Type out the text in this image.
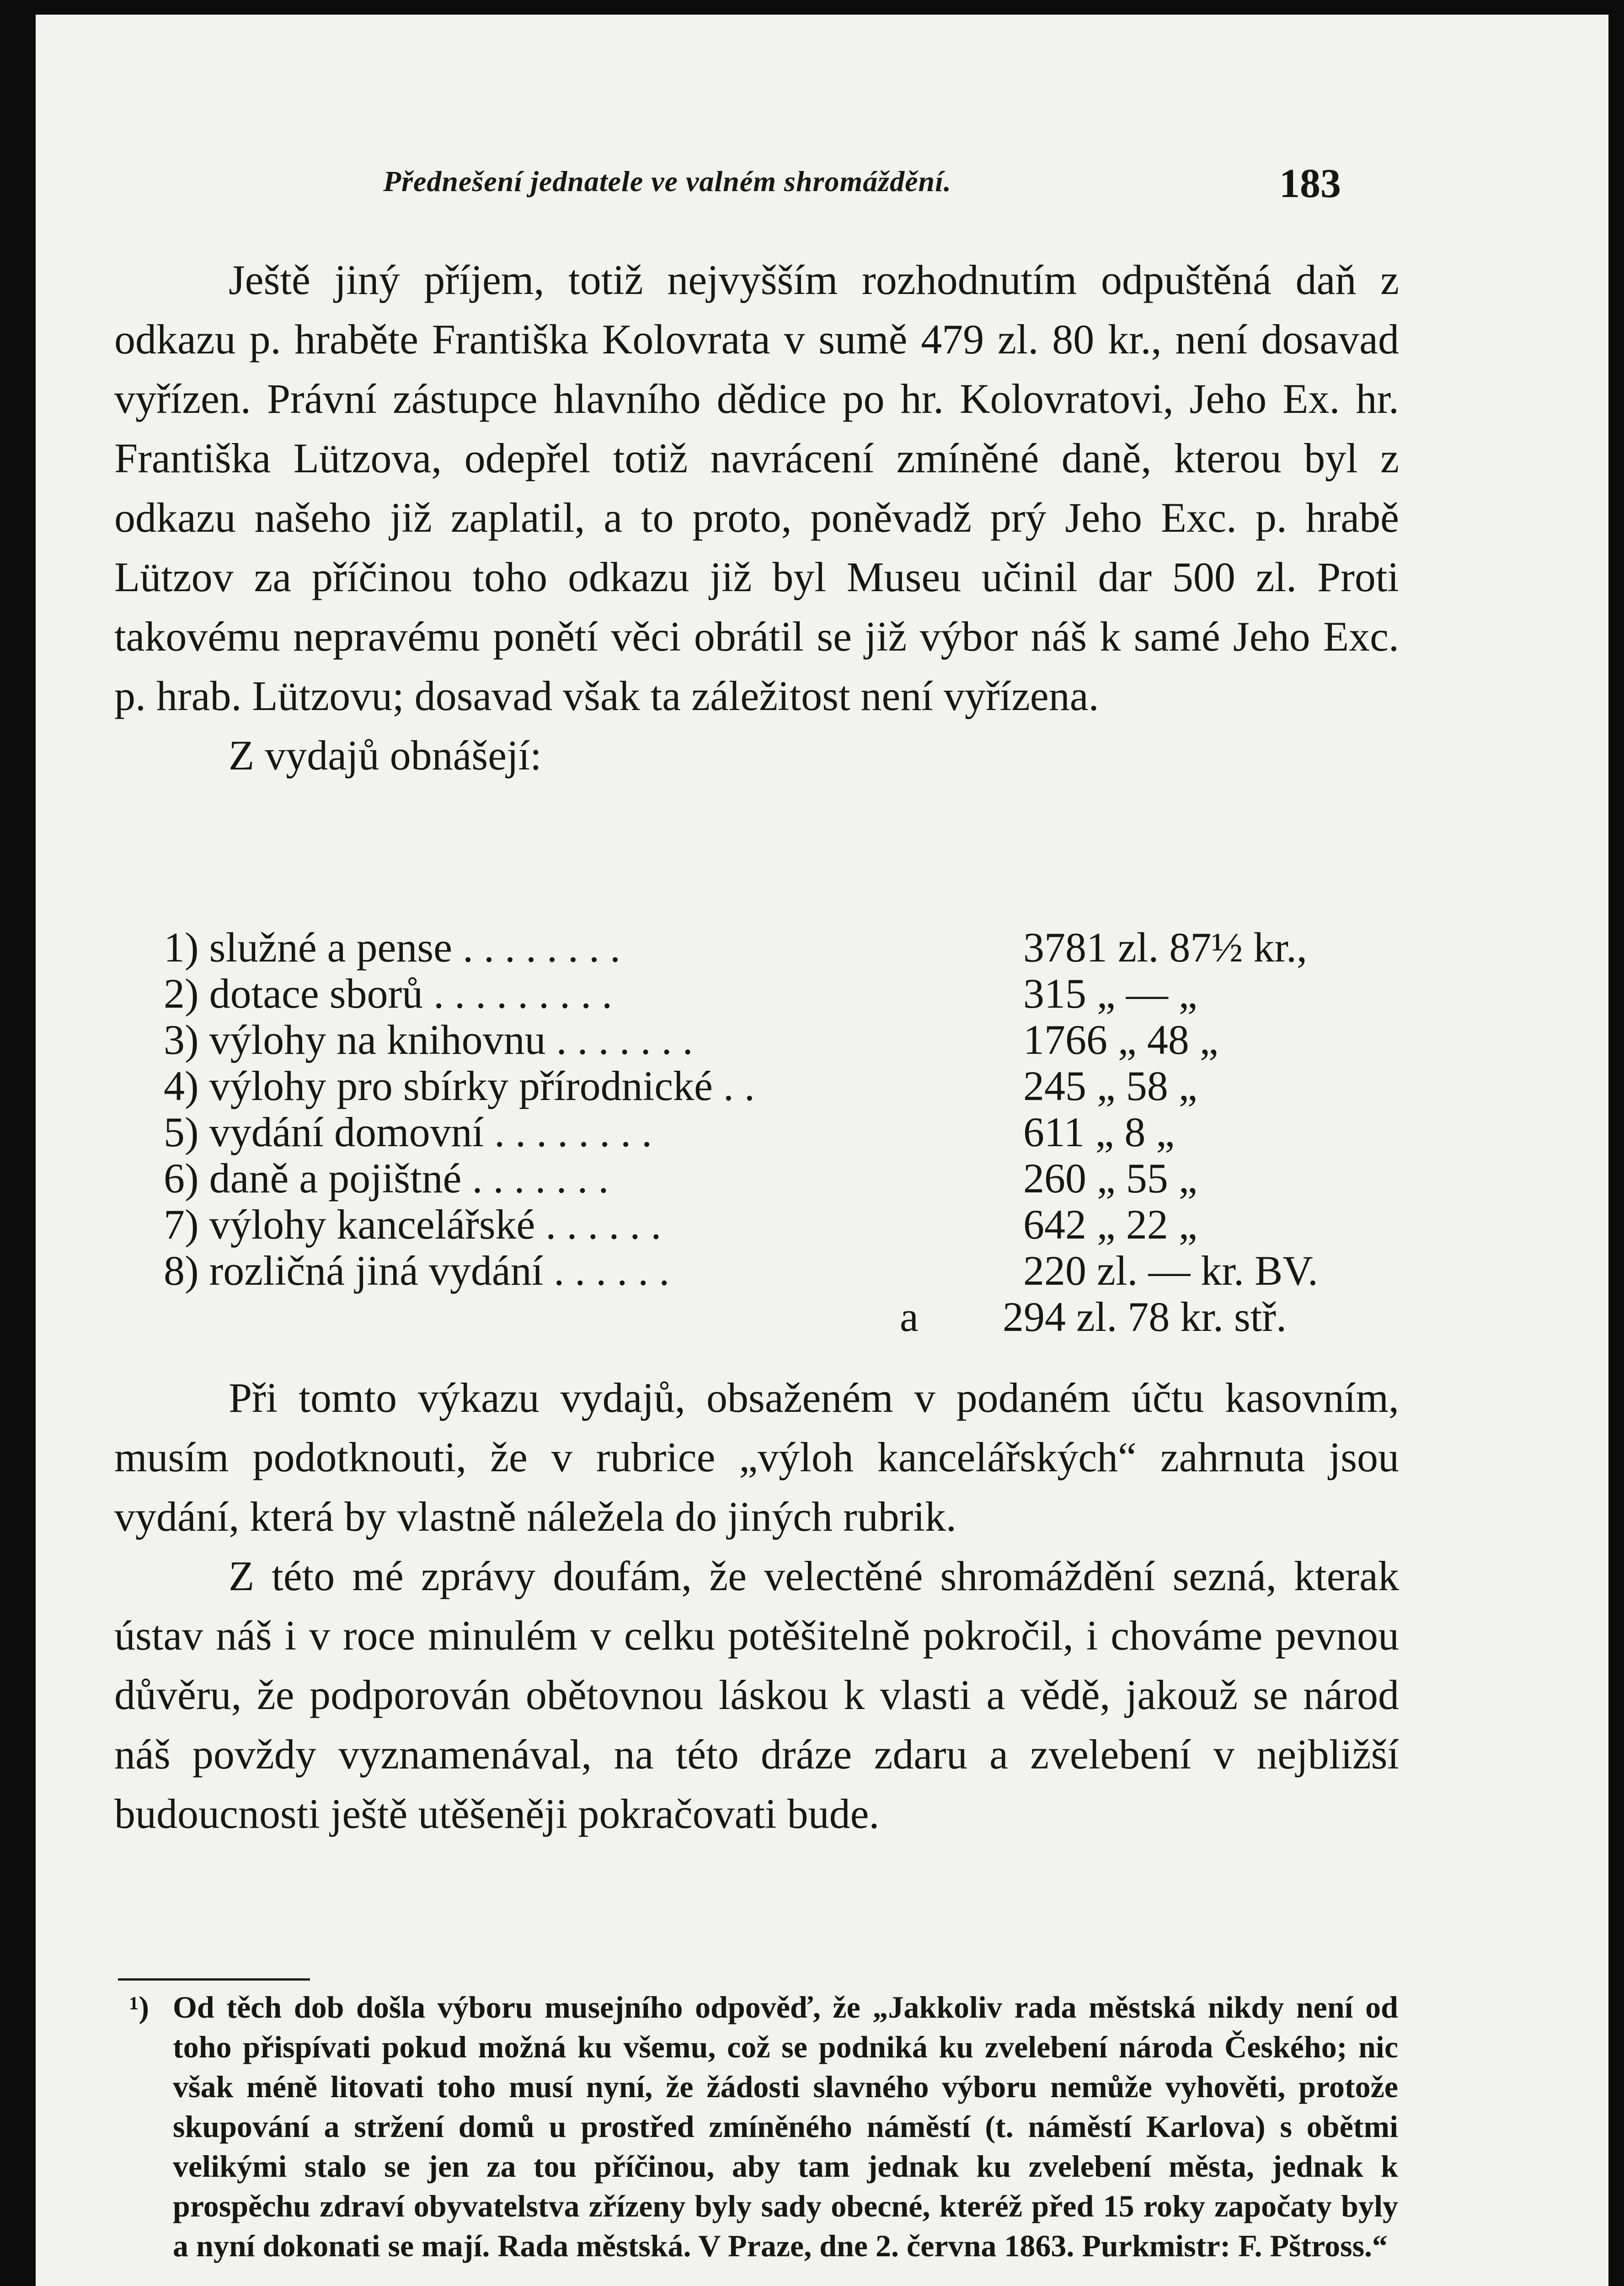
Přednešení jednatele ve valném shromáždění.	183

Ještě jiný příjem, totiž nejvyšším rozhodnutím odpuštěná daň z odkazu p. hraběte Františka Kolovrata v sumě 479 zl. 80 kr., není dosavad vyřízen. Právní zástupce hlavního dědice po hr. Kolovratovi, Jeho Ex. hr. Františka Lützova, odepřel totiž navrácení zmíněné daně, kterou byl z odkazu našeho již zaplatil, a to proto, poněvadž prý Jeho Exc. p. hrabě Lützov za příčinou toho odkazu již byl Museu učinil dar 500 zl. Proti takovému nepravému ponětí věci obrátil se již výbor náš k samé Jeho Exc. p. hrab. Lützovu; dosavad však ta záležitost není vyřízena.

Z vydajů obnášejí:

1) služné a pense . . . . . . . .	3781 zl. 87½ kr.,
2) dotace sborů . . . . . . . . .	315 „ — „
3) výlohy na knihovnu . . . . . . .	1766 „ 48 „
4) výlohy pro sbírky přírodnické . .	245 „ 58 „
5) vydání domovní . . . . . . . .	611 „ 8 „
6) daně a pojištné . . . . . . .	260 „ 55 „
7) výlohy kancelářské . . . . . .	642 „ 22 „
8) rozličná jiná vydání . . . . . .	220 zl. — kr. BV.
a 294 zl. 78 kr. stř.

Při tomto výkazu vydajů, obsaženém v podaném účtu kasovním, musím podotknouti, že v rubrice „výloh kancelářských“ zahrnuta jsou vydání, která by vlastně náležela do jiných rubrik.

Z této mé zprávy doufám, že velectěné shromáždění sezná, kterak ústav náš i v roce minulém v celku potěšitelně pokročil, i chováme pevnou důvěru, že podporován obětovnou láskou k vlasti a vědě, jakouž se národ náš povždy vyznamenával, na této dráze zdaru a zvelebení v nejbližší budoucnosti ještě utěšeněji pokračovati bude.

¹) Od těch dob došla výboru musejního odpověď, že „Jakkoliv rada městská nikdy není od toho přispívati pokud možná ku všemu, což se podniká ku zvelebení národa Českého; nic však méně litovati toho musí nyní, že žádosti slavného výboru nemůže vyhověti, protože skupování a stržení domů u prostřed zmíněného náměstí (t. náměstí Karlova) s obětmi velikými stalo se jen za tou příčinou, aby tam jednak ku zvelebení města, jednak k prospěchu zdraví obyvatelstva zřízeny byly sady obecné, kteréž před 15 roky započaty byly a nyní dokonati se mají. Rada městská. V Praze, dne 2. června 1863. Purkmistr: F. Pštross.“
